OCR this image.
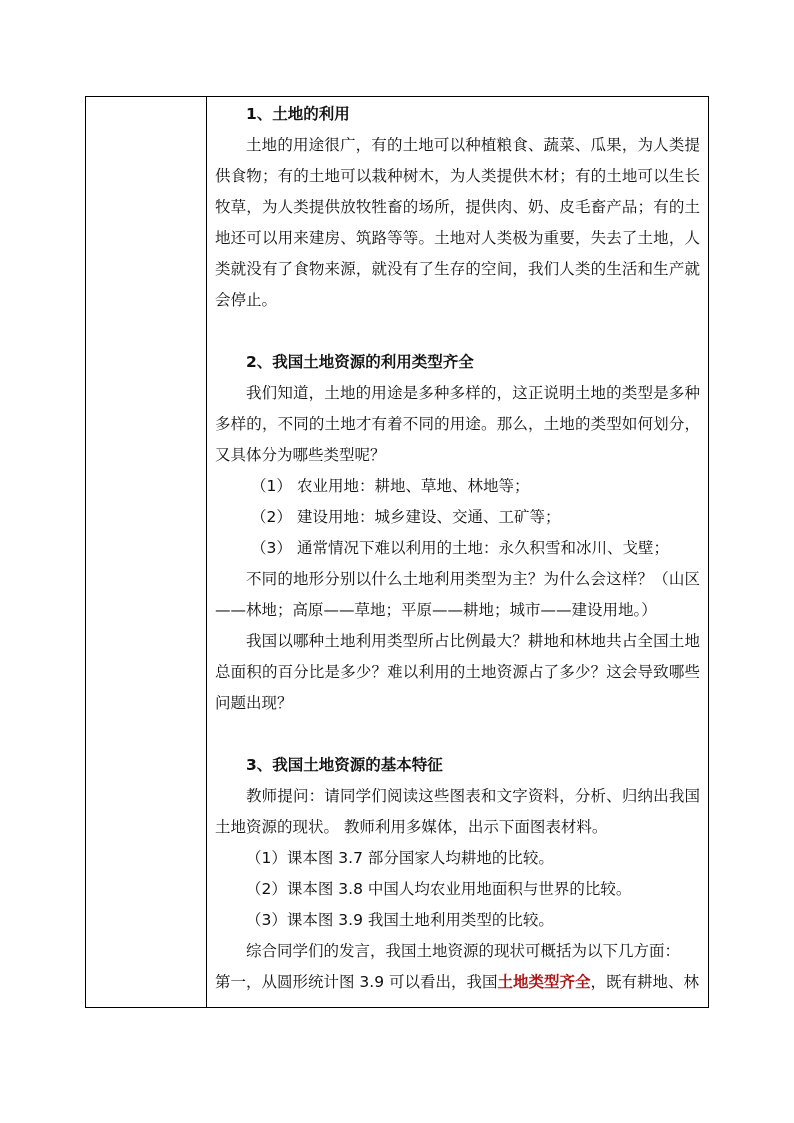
1、土地的利用

土地的用途很广，有的土地可以种植粮食、蔬菜、瓜果，为人类提供食物；有的土地可以栽种树木，为人类提供木材；有的土地可以生长牧草，为人类提供放牧牲畜的场所，提供肉、奶、皮毛畜产品；有的土地还可以用来建房、筑路等等。土地对人类极为重要，失去了土地，人类就没有了食物来源，就没有了生存的空间，我们人类的生活和生产就会停止。

2、我国土地资源的利用类型齐全

我们知道，土地的用途是多种多样的，这正说明土地的类型是多种多样的，不同的土地才有着不同的用途。那么，土地的类型如何划分，又具体分为哪些类型呢？

（1） 农业用地：耕地、草地、林地等；

（2） 建设用地：城乡建设、交通、工矿等；

（3） 通常情况下难以利用的土地：永久积雪和冰川、戈壁；

不同的地形分别以什么土地利用类型为主？为什么会这样？（山区——林地；高原——草地；平原——耕地；城市——建设用地。）

我国以哪种土地利用类型所占比例最大？耕地和林地共占全国土地总面积的百分比是多少？难以利用的土地资源占了多少？这会导致哪些问题出现？

3、我国土地资源的基本特征

教师提问：请同学们阅读这些图表和文字资料，分析、归纳出我国土地资源的现状。 教师利用多媒体，出示下面图表材料。

（1）课本图 3.7 部分国家人均耕地的比较。

（2）课本图 3.8 中国人均农业用地面积与世界的比较。

（3）课本图 3.9 我国土地利用类型的比较。

综合同学们的发言，我国土地资源的现状可概括为以下几方面：

第一，从圆形统计图 3.9 可以看出，我国土地类型齐全，既有耕地、林
